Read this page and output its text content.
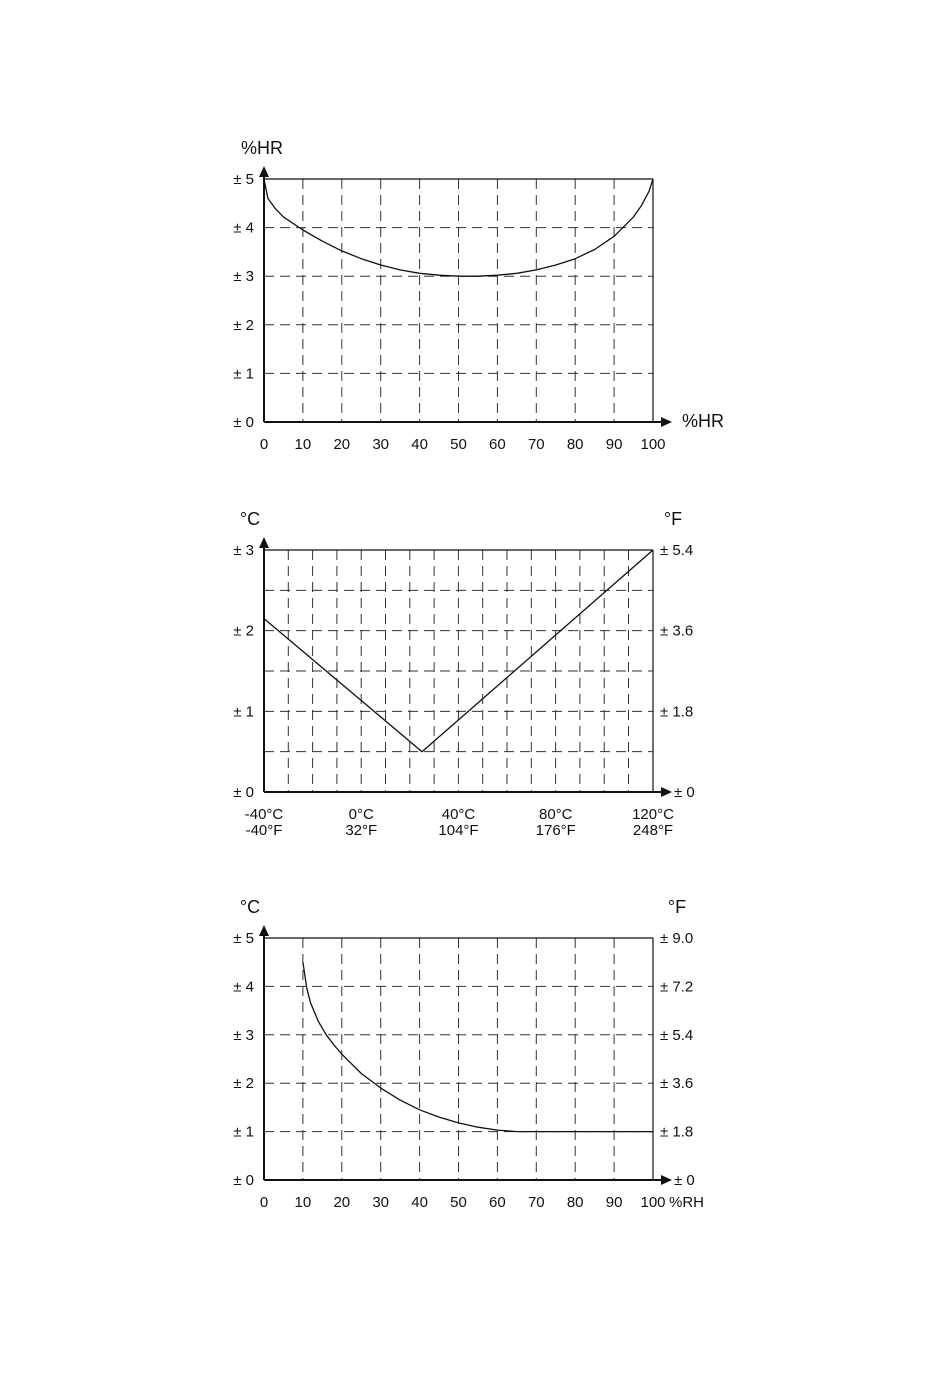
± 0
± 1
± 2
± 3
± 4
± 5
0 10 20 30 40 50 60 70 80 90 100
%HR
%HR
± 0
± 1
± 2
± 3
± 0
± 1.8
± 3.6
± 5.4
-40°C
-40°F
0°C
32°F
40°C
104°F
80°C
176°F
120°C
248°F
°C	°F
± 0
± 1
± 2
± 3
± 4
± 5
± 0
± 1.8
± 3.6
± 5.4
± 7.2
± 9.0
0 10 20 30 40 50 60 70 80 90 100
°C	°F
%RH
